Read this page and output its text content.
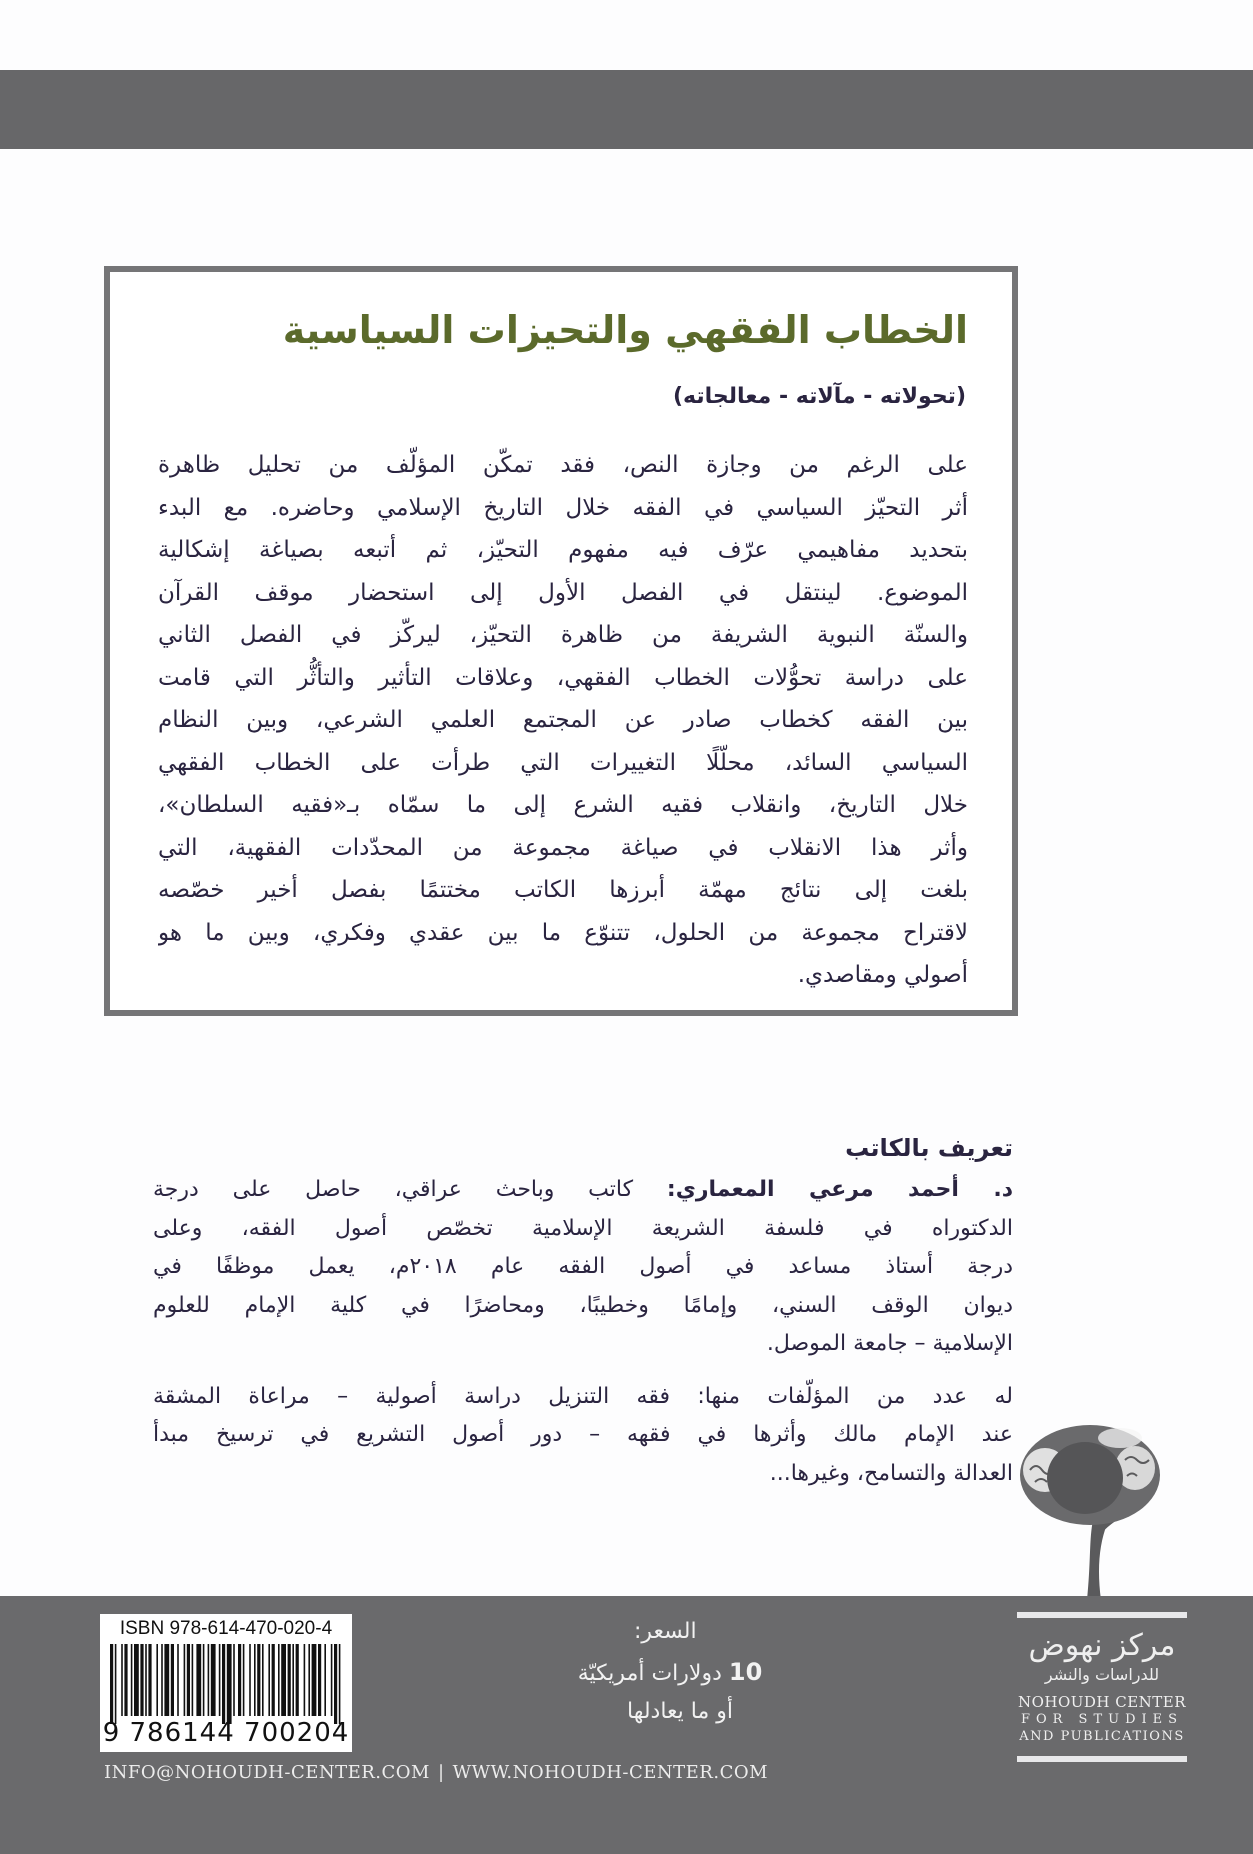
الخطاب الفقهي والتحيزات السياسية
(تحولاته - مآلاته - معالجاته)
على الرغم من وجازة النص، فقد تمكّن المؤلّف من تحليل ظاهرة
أثر التحيّز السياسي في الفقه خلال التاريخ الإسلامي وحاضره. مع البدء
بتحديد مفاهيمي عرّف فيه مفهوم التحيّز، ثم أتبعه بصياغة إشكالية
الموضوع. لينتقل في الفصل الأول إلى استحضار موقف القرآن
والسنّة النبوية الشريفة من ظاهرة التحيّز، ليركّز في الفصل الثاني
على دراسة تحوُّلات الخطاب الفقهي، وعلاقات التأثير والتأثُّر التي قامت
بين الفقه كخطاب صادر عن المجتمع العلمي الشرعي، وبين النظام
السياسي السائد، محلّلًا التغييرات التي طرأت على الخطاب الفقهي
خلال التاريخ، وانقلاب فقيه الشرع إلى ما سمّاه بـ«فقيه السلطان»،
وأثر هذا الانقلاب في صياغة مجموعة من المحدّدات الفقهية، التي
بلغت إلى نتائج مهمّة أبرزها الكاتب مختتمًا بفصل أخير خصّصه
لاقتراح مجموعة من الحلول، تتنوّع ما بين عقدي وفكري، وبين ما هو
أصولي ومقاصدي.
تعريف بالكاتب
د. أحمد مرعي المعماري: كاتب وباحث عراقي، حاصل على درجة
الدكتوراه في فلسفة الشريعة الإسلامية تخصّص أصول الفقه، وعلى
درجة أستاذ مساعد في أصول الفقه عام ٢٠١٨م، يعمل موظفًا في
ديوان الوقف السني، وإمامًا وخطيبًا، ومحاضرًا في كلية الإمام للعلوم
الإسلامية – جامعة الموصل.
له عدد من المؤلّفات منها: فقه التنزيل دراسة أصولية – مراعاة المشقة
عند الإمام مالك وأثرها في فقهه – دور أصول التشريع في ترسيخ مبدأ
العدالة والتسامح، وغيرها...
ISBN 978-614-470-020-4
9 786144 700204
السعر:
10 دولارات أمريكيّة
أو ما يعادلها
INFO@NOHOUDH-CENTER.COM | WWW.NOHOUDH-CENTER.COM
مركز نهوض
للدراسات والنشر
NOHOUDH CENTER
FOR STUDIES
AND PUBLICATIONS
